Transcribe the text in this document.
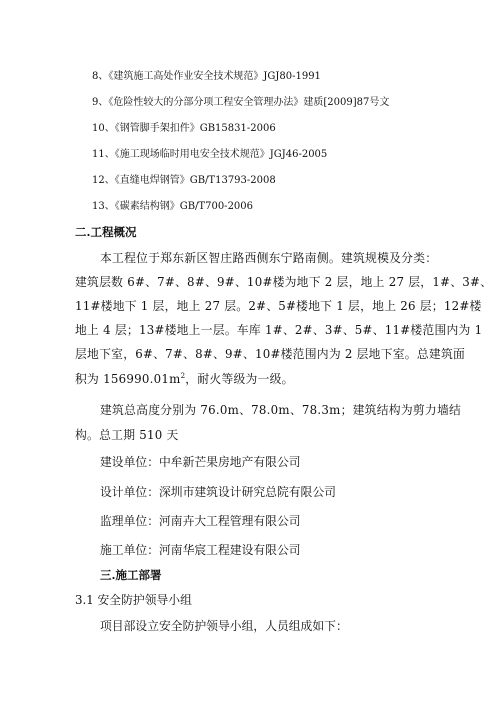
8、《建筑施工高处作业安全技术规范》JGJ80-1991
9、《危险性较大的分部分项工程安全管理办法》建质[2009]87号文
10、《钢管脚手架扣件》GB15831-2006
11、《施工现场临时用电安全技术规范》JGJ46-2005
12、《直缝电焊钢管》GB/T13793-2008
13、《碳素结构钢》GB/T700-2006
二.工程概况
本工程位于郑东新区智庄路西侧东宁路南侧。建筑规模及分类：
建筑层数 6#、7#、8#、9#、10#楼为地下 2 层，地上 27 层，1#、3#、
11#楼地下 1 层，地上 27 层。2#、5#楼地下 1 层，地上 26 层；12#楼
地上 4 层；13#楼地上一层。车库 1#、2#、3#、5#、11#楼范围内为 1
层地下室，6#、7#、8#、9#、10#楼范围内为 2 层地下室。总建筑面
积为 $156990.01m^2$，耐火等级为一级。
建筑总高度分别为 76.0m、78.0m、78.3m；建筑结构为剪力墙结
构。总工期 510 天
建设单位：中牟新芒果房地产有限公司
设计单位：深圳市建筑设计研究总院有限公司
监理单位：河南卉大工程管理有限公司
施工单位：河南华宸工程建设有限公司
三.施工部署
3.1 安全防护领导小组
项目部设立安全防护领导小组，人员组成如下：
